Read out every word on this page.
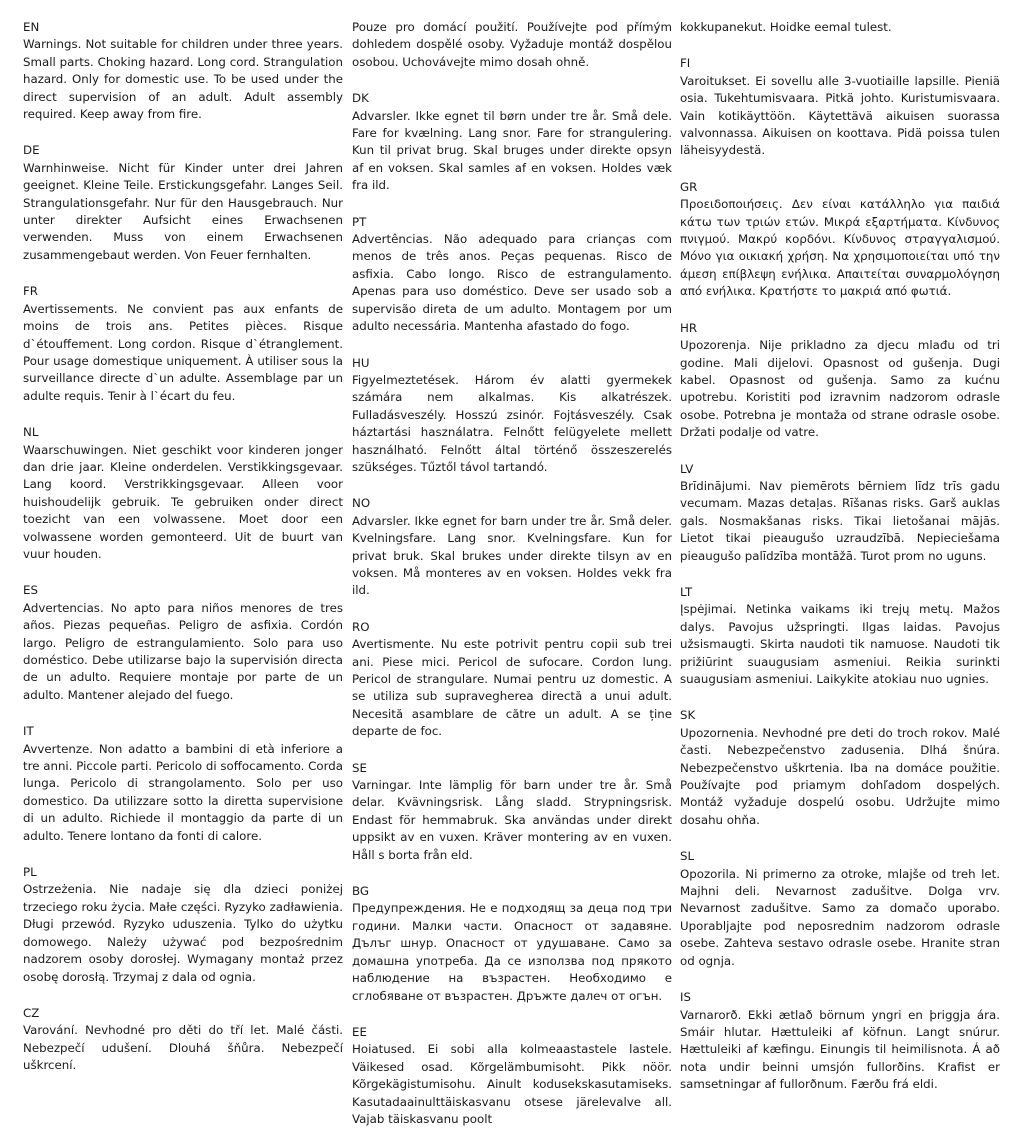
EN
Warnings. Not suitable for children under three years. Small parts. Choking hazard. Long cord. Strangulation hazard. Only for domestic use. To be used under the direct supervision of an adult. Adult assembly required. Keep away from fire.
DE
Warnhinweise. Nicht für Kinder unter drei Jahren geeignet. Kleine Teile. Erstickungsgefahr. Langes Seil. Strangulationsgefahr. Nur für den Hausgebrauch. Nur unter direkter Aufsicht eines Erwachsenen verwenden. Muss von einem Erwachsenen zusammengebaut werden. Von Feuer fernhalten.
FR
Avertissements. Ne convient pas aux enfants de moins de trois ans. Petites pièces. Risque d`étouffement. Long cordon. Risque d`étranglement. Pour usage domestique uniquement. À utiliser sous la surveillance directe d`un adulte. Assemblage par un adulte requis. Tenir à l`écart du feu.
NL
Waarschuwingen. Niet geschikt voor kinderen jonger dan drie jaar. Kleine onderdelen. Verstikkingsgevaar. Lang koord. Verstrikkingsgevaar. Alleen voor huishoudelijk gebruik. Te gebruiken onder direct toezicht van een volwassene. Moet door een volwassene worden gemonteerd. Uit de buurt van vuur houden.
ES
Advertencias. No apto para niños menores de tres años. Piezas pequeñas. Peligro de asfixia. Cordón largo. Peligro de estrangulamiento. Solo para uso doméstico. Debe utilizarse bajo la supervisión directa de un adulto. Requiere montaje por parte de un adulto. Mantener alejado del fuego.
IT
Avvertenze. Non adatto a bambini di età inferiore a tre anni. Piccole parti. Pericolo di soffocamento. Corda lunga. Pericolo di strangolamento. Solo per uso domestico. Da utilizzare sotto la diretta supervisione di un adulto. Richiede il montaggio da parte di un adulto. Tenere lontano da fonti di calore.
PL
Ostrzeżenia. Nie nadaje się dla dzieci poniżej trzeciego roku życia. Małe części. Ryzyko zadławienia. Długi przewód. Ryzyko uduszenia. Tylko do użytku domowego. Należy używać pod bezpośrednim nadzorem osoby dorosłej. Wymagany montaż przez osobę dorosłą. Trzymaj z dala od ognia.
CZ
Varování. Nevhodné pro děti do tří let. Malé části. Nebezpečí udušení. Dlouhá šňůra. Nebezpečí uškrcení.
Pouze pro domácí použití. Používejte pod přímým dohledem dospělé osoby. Vyžaduje montáž dospělou osobou. Uchovávejte mimo dosah ohně.
DK
Advarsler. Ikke egnet til børn under tre år. Små dele. Fare for kvælning. Lang snor. Fare for strangulering. Kun til privat brug. Skal bruges under direkte opsyn af en voksen. Skal samles af en voksen. Holdes væk fra ild.
PT
Advertências. Não adequado para crianças com menos de três anos. Peças pequenas. Risco de asfixia. Cabo longo. Risco de estrangulamento. Apenas para uso doméstico. Deve ser usado sob a supervisão direta de um adulto. Montagem por um adulto necessária. Mantenha afastado do fogo.
HU
Figyelmeztetések. Három év alatti gyermekek számára nem alkalmas. Kis alkatrészek. Fulladásveszély. Hosszú zsinór. Fojtásveszély. Csak háztartási használatra. Felnőtt felügyelete mellett használható. Felnőtt által történő összeszerelés szükséges. Tűztől távol tartandó.
NO
Advarsler. Ikke egnet for barn under tre år. Små deler. Kvelningsfare. Lang snor. Kvelningsfare. Kun for privat bruk. Skal brukes under direkte tilsyn av en voksen. Må monteres av en voksen. Holdes vekk fra ild.
RO
Avertismente. Nu este potrivit pentru copii sub trei ani. Piese mici. Pericol de sufocare. Cordon lung. Pericol de strangulare. Numai pentru uz domestic. A se utiliza sub supravegherea directă a unui adult. Necesită asamblare de către un adult. A se ține departe de foc.
SE
Varningar. Inte lämplig för barn under tre år. Små delar. Kvävningsrisk. Lång sladd. Strypningsrisk. Endast för hemmabruk. Ska användas under direkt uppsikt av en vuxen. Kräver montering av en vuxen. Håll s borta från eld.
BG
Предупреждения. Не е подходящ за деца под три години. Малки части. Опасност от задавяне. Дълъг шнур. Опасност от удушаване. Само за домашна употреба. Да се използва под прякото наблюдение на възрастен. Необходимо е сглобяване от възрастен. Дръжте далеч от огън.
EE
Hoiatused. Ei sobi alla kolmeaastastele lastele. Väikesed osad. Kõrgelämbumisoht. Pikk nöör. Kõrgekägistumisohu. Ainult kodusekskasutamiseks. Kasutadaainulttäiskasvanu otsese järelevalve all. Vajab täiskasvanu poolt
kokkupanekut. Hoidke eemal tulest.
FI
Varoitukset. Ei sovellu alle 3-vuotiaille lapsille. Pieniä osia. Tukehtumisvaara. Pitkä johto. Kuristumisvaara. Vain kotikäyttöön. Käytettävä aikuisen suorassa valvonnassa. Aikuisen on koottava. Pidä poissa tulen läheisyydestä.
GR
Προειδοποιήσεις. Δεν είναι κατάλληλο για παιδιά κάτω των τριών ετών. Μικρά εξαρτήματα. Κίνδυνος πνιγμού. Μακρύ κορδόνι. Κίνδυνος στραγγαλισμού. Μόνο για οικιακή χρήση. Να χρησιμοποιείται υπό την άμεση επίβλεψη ενήλικα. Απαιτείται συναρμολόγηση από ενήλικα. Κρατήστε το μακριά από φωτιά.
HR
Upozorenja. Nije prikladno za djecu mlađu od tri godine. Mali dijelovi. Opasnost od gušenja. Dugi kabel. Opasnost od gušenja. Samo za kućnu upotrebu. Koristiti pod izravnim nadzorom odrasle osobe. Potrebna je montaža od strane odrasle osobe. Držati podalje od vatre.
LV
Brīdinājumi. Nav piemērots bērniem līdz trīs gadu vecumam. Mazas detaļas. Rīšanas risks. Garš auklas gals. Nosmakšanas risks. Tikai lietošanai mājās. Lietot tikai pieaugušo uzraudzībā. Nepieciešama pieaugušo palīdzība montāžā. Turot prom no uguns.
LT
Įspėjimai. Netinka vaikams iki trejų metų. Mažos dalys. Pavojus užspringti. Ilgas laidas. Pavojus užsismaugti. Skirta naudoti tik namuose. Naudoti tik prižiūrint suaugusiam asmeniui. Reikia surinkti suaugusiam asmeniui. Laikykite atokiau nuo ugnies.
SK
Upozornenia. Nevhodné pre deti do troch rokov. Malé časti. Nebezpečenstvo zadusenia. Dlhá šnúra. Nebezpečenstvo uškrtenia. Iba na domáce použitie. Používajte pod priamym dohľadom dospelých. Montáž vyžaduje dospelú osobu. Udržujte mimo dosahu ohňa.
SL
Opozorila. Ni primerno za otroke, mlajše od treh let. Majhni deli. Nevarnost zadušitve. Dolga vrv. Nevarnost zadušitve. Samo za domačo uporabo. Uporabljajte pod neposrednim nadzorom odrasle osebe. Zahteva sestavo odrasle osebe. Hranite stran od ognja.
IS
Varnarorð. Ekki ætlað börnum yngri en þriggja ára. Smáir hlutar. Hættuleiki af köfnun. Langt snúrur. Hættuleiki af kæfingu. Einungis til heimilisnota. Á að nota undir beinni umsjón fullorðins. Krafist er samsetningar af fullorðnum. Færðu frá eldi.
